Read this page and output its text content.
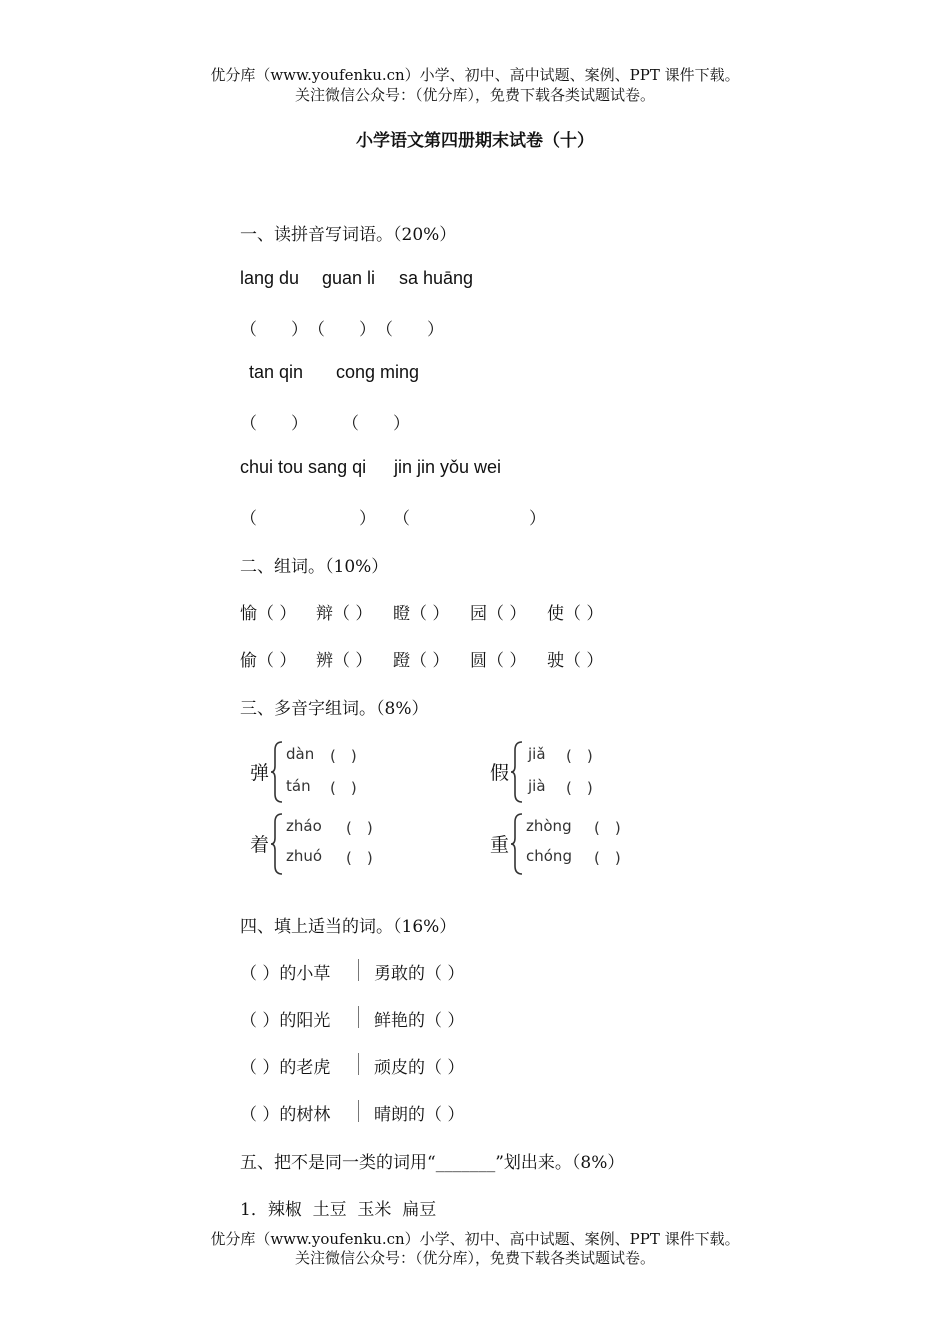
优分库（www.youfenku.cn）小学、初中、高中试题、案例、PPT 课件下载。
关注微信公众号：（优分库），免费下载各类试题试卷。
小学语文第四册期末试卷（十）
一、读拼音写词语。（20%）
lang du guan li sa huāng
（　　）　（　　）　（　　）
tan qin cong ming
（　　）　　　（　　）
chui tou sang qi jin jin yǒu wei
（　　　　　　）　　（　　　　　　　）
二、组词。（10%）
愉（ ） 辩（ ） 瞪（ ） 园（ ） 使（ ）
偷（ ） 辨（ ） 蹬（ ） 圆（ ） 驶（ ）
三、多音字组词。（8%）
弹
dàn (　)
tán (　)
假
jiǎ (　)
jià (　)
着
zháo (　)
zhuó (　)
重
zhòng (　)
chóng (　)
四、填上适当的词。（16%）
（ ）的小草	勇敢的（ ）
（ ）的阳光	鲜艳的（ ）
（ ）的老虎	顽皮的（ ）
（ ）的树林	晴朗的（ ）
五、把不是同一类的词用“_______”划出来。（8%）
1．辣椒  土豆  玉米  扁豆
优分库（www.youfenku.cn）小学、初中、高中试题、案例、PPT 课件下载。
关注微信公众号：（优分库），免费下载各类试题试卷。
